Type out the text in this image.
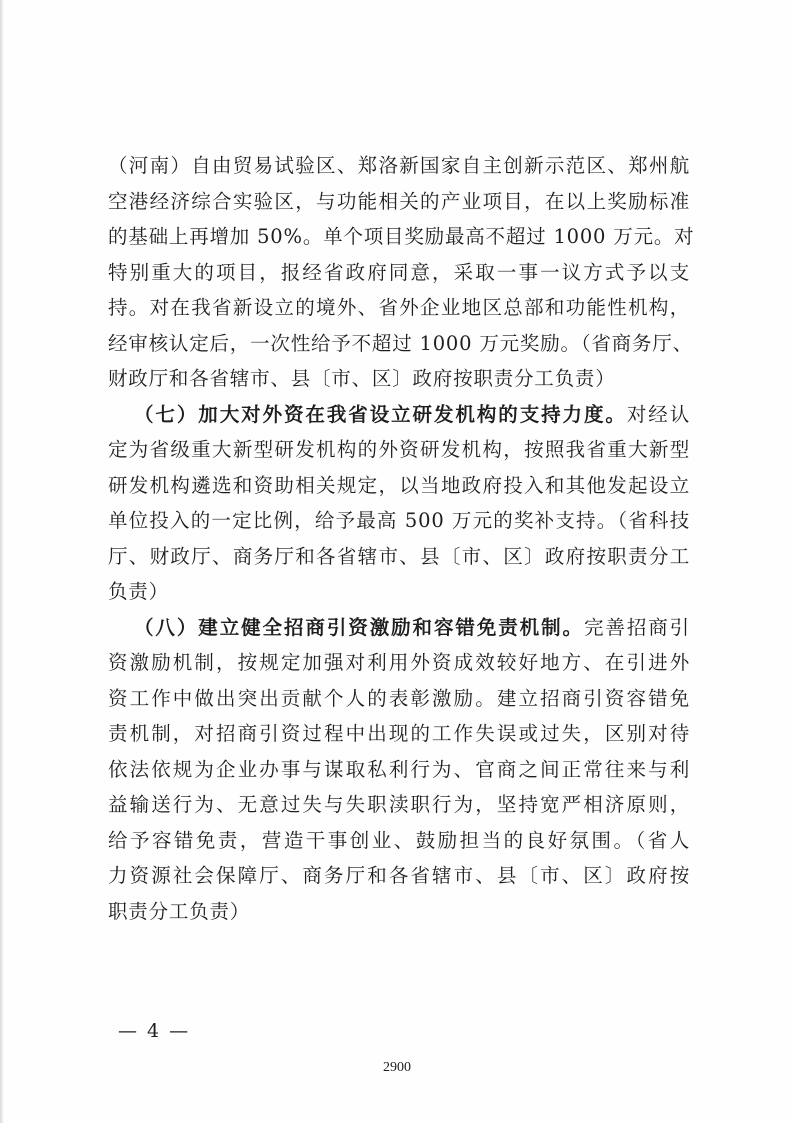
（河南）自由贸易试验区、郑洛新国家自主创新示范区、郑州航
空港经济综合实验区，与功能相关的产业项目，在以上奖励标准
的基础上再增加 50%。单个项目奖励最高不超过 1000 万元。对
特别重大的项目，报经省政府同意，采取一事一议方式予以支
持。对在我省新设立的境外、省外企业地区总部和功能性机构，
经审核认定后，一次性给予不超过 1000 万元奖励。（省商务厅、
财政厅和各省辖市、县〔市、区〕政府按职责分工负责）
（七）加大对外资在我省设立研发机构的支持力度。对经认
定为省级重大新型研发机构的外资研发机构，按照我省重大新型
研发机构遴选和资助相关规定，以当地政府投入和其他发起设立
单位投入的一定比例，给予最高 500 万元的奖补支持。（省科技
厅、财政厅、商务厅和各省辖市、县〔市、区〕政府按职责分工
负责）
（八）建立健全招商引资激励和容错免责机制。完善招商引
资激励机制，按规定加强对利用外资成效较好地方、在引进外
资工作中做出突出贡献个人的表彰激励。建立招商引资容错免
责机制，对招商引资过程中出现的工作失误或过失，区别对待
依法依规为企业办事与谋取私利行为、官商之间正常往来与利
益输送行为、无意过失与失职渎职行为，坚持宽严相济原则，
给予容错免责，营造干事创业、鼓励担当的良好氛围。（省人
力资源社会保障厅、商务厅和各省辖市、县〔市、区〕政府按
职责分工负责）
— 4 —
2900
